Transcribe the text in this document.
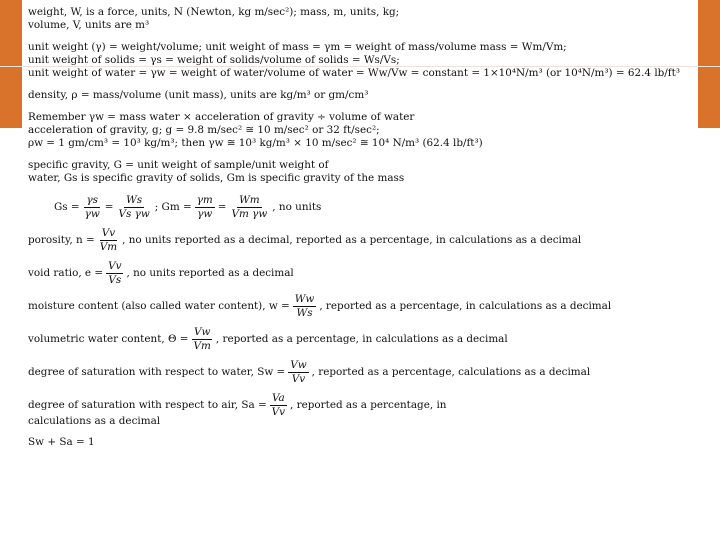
weight, W, is a force, units, N (Newton, kg m/sec²); mass, m, units, kg;
volume, V, units are m³
unit weight (γ) = weight/volume; unit weight of mass = γm = weight of mass/volume mass = Wm/Vm;
unit weight of solids = γs = weight of solids/volume of solids = Ws/Vs;
unit weight of water = γw = weight of water/volume of water = Ww/Vw = constant = 1×10⁴N/m³ (or 10⁴N/m³) = 62.4 lb/ft³
density, ρ = mass/volume (unit mass), units are kg/m³ or gm/cm³
Remember γw = mass water × acceleration of gravity ÷ volume of water
acceleration of gravity, g; g = 9.8 m/sec² ≅ 10 m/sec² or 32 ft/sec²;
ρw = 1 gm/cm³ = 10³ kg/m³; then γw ≅ 10³ kg/m³ × 10 m/sec² ≅ 10⁴ N/m³ (62.4 lb/ft³)
specific gravity, G = unit weight of sample/unit weight of
water, Gs is specific gravity of solids, Gm is specific gravity of the mass
$Gs = \frac{\gamma s}{\gamma w} = \frac{Ws}{\text{Vs γw}}$ ; $Gm = \frac{\gamma m}{\gamma w} = \frac{Wm}{\text{Vm γw}}$ , no units
porosity, $n = \frac{Vv}{Vm}$ , no units reported as a decimal, reported as a percentage, in calculations as a decimal
void ratio, $e = \frac{Vv}{Vs}$ , no units reported as a decimal
moisture content (also called water content), $w = \frac{Ww}{Ws}$ , reported as a percentage, in calculations as a decimal
volumetric water content, $\Theta = \frac{Vw}{Vm}$ , reported as a percentage, in calculations as a decimal
degree of saturation with respect to water, $Sw = \frac{Vw}{Vv}$ , reported as a percentage, calculations as a decimal
degree of saturation with respect to air, $Sa = \frac{Va}{Vv}$ , reported as a percentage, in
calculations as a decimal
Sw + Sa = 1
